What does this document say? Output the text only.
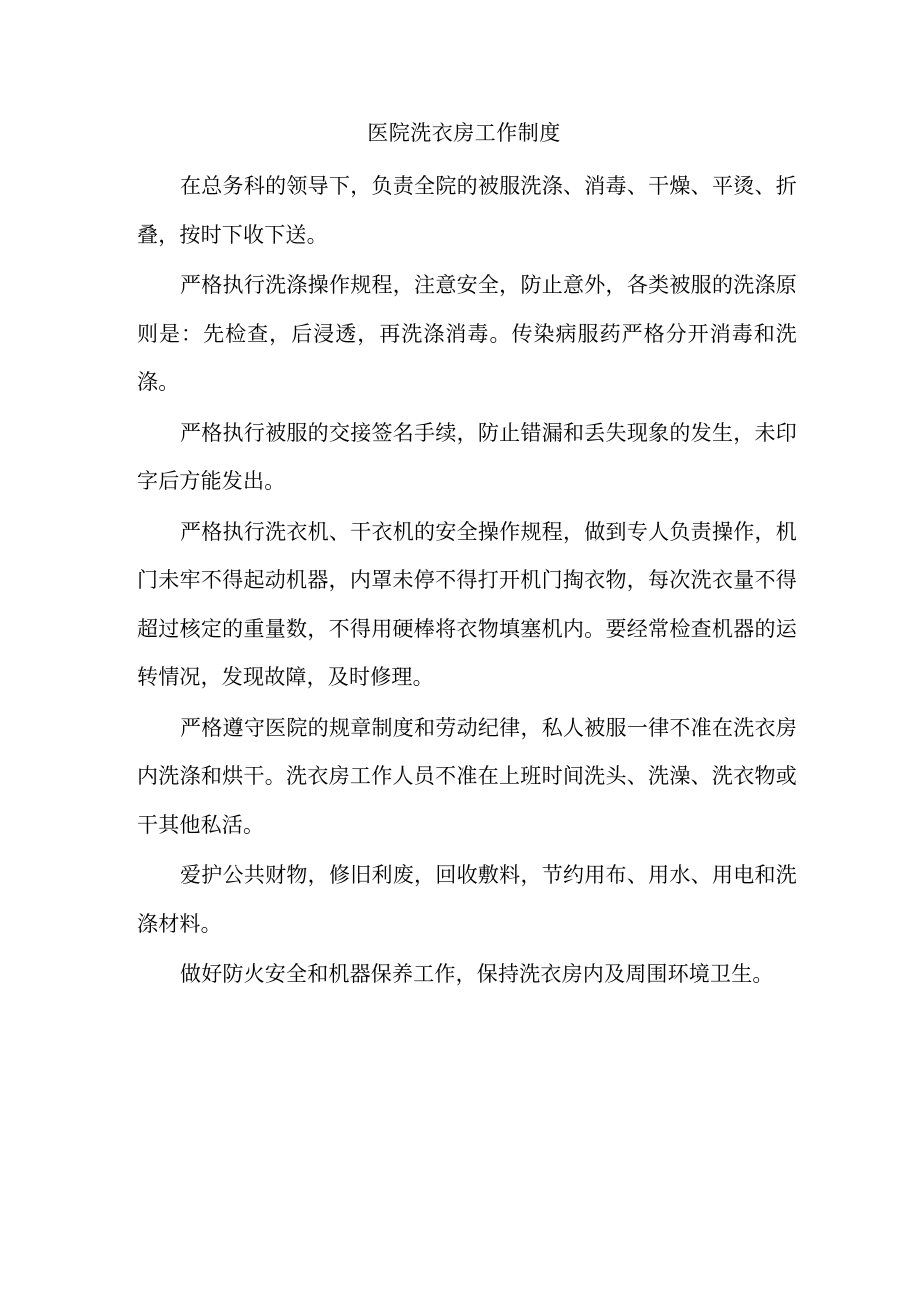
医院洗衣房工作制度

在总务科的领导下，负责全院的被服洗涤、消毒、干燥、平烫、折叠，按时下收下送。

严格执行洗涤操作规程，注意安全，防止意外，各类被服的洗涤原则是：先检查，后浸透，再洗涤消毒。传染病服药严格分开消毒和洗涤。

严格执行被服的交接签名手续，防止错漏和丢失现象的发生，未印字后方能发出。

严格执行洗衣机、干衣机的安全操作规程，做到专人负责操作，机门未牢不得起动机器，内罩未停不得打开机门掏衣物，每次洗衣量不得超过核定的重量数，不得用硬棒将衣物填塞机内。要经常检查机器的运转情况，发现故障，及时修理。

严格遵守医院的规章制度和劳动纪律，私人被服一律不准在洗衣房内洗涤和烘干。洗衣房工作人员不准在上班时间洗头、洗澡、洗衣物或干其他私活。

爱护公共财物，修旧利废，回收敷料，节约用布、用水、用电和洗涤材料。

做好防火安全和机器保养工作，保持洗衣房内及周围环境卫生。
